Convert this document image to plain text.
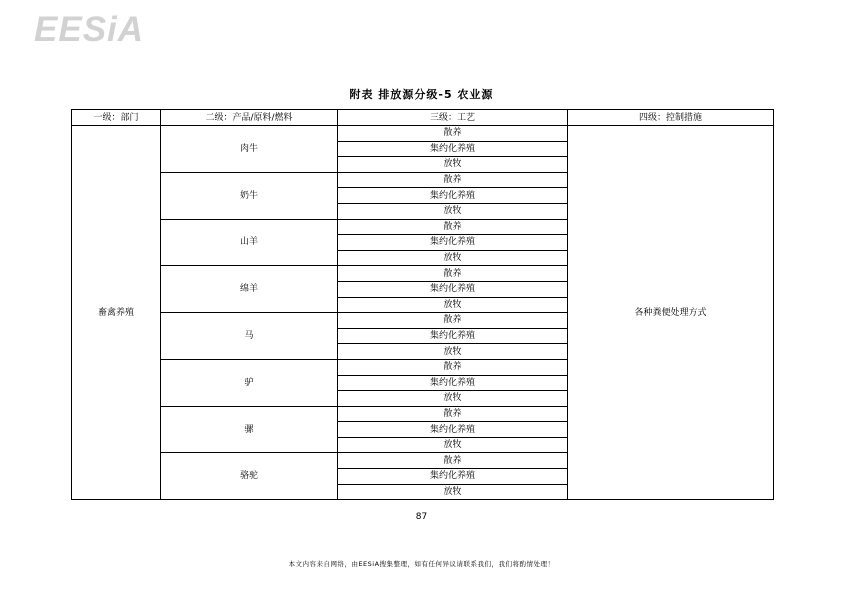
EESiA
附表 排放源分级-5 农业源
一级：部门	二级：产品/原料/燃料	三级：工艺	四级：控制措施
畜禽养殖	肉牛	散养	各种粪便处理方式
		集约化养殖	
		放牧	
	奶牛	散养	
		集约化养殖	
		放牧	
	山羊	散养	
		集约化养殖	
		放牧	
	绵羊	散养	
		集约化养殖	
		放牧	
	马	散养	
		集约化养殖	
		放牧	
	驴	散养	
		集约化养殖	
		放牧	
	骡	散养	
		集约化养殖	
		放牧	
	骆驼	散养	
		集约化养殖	
		放牧	
87
本文内容来自网络，由EESiA搜集整理，如有任何异议请联系我们，我们将酌情处理！
